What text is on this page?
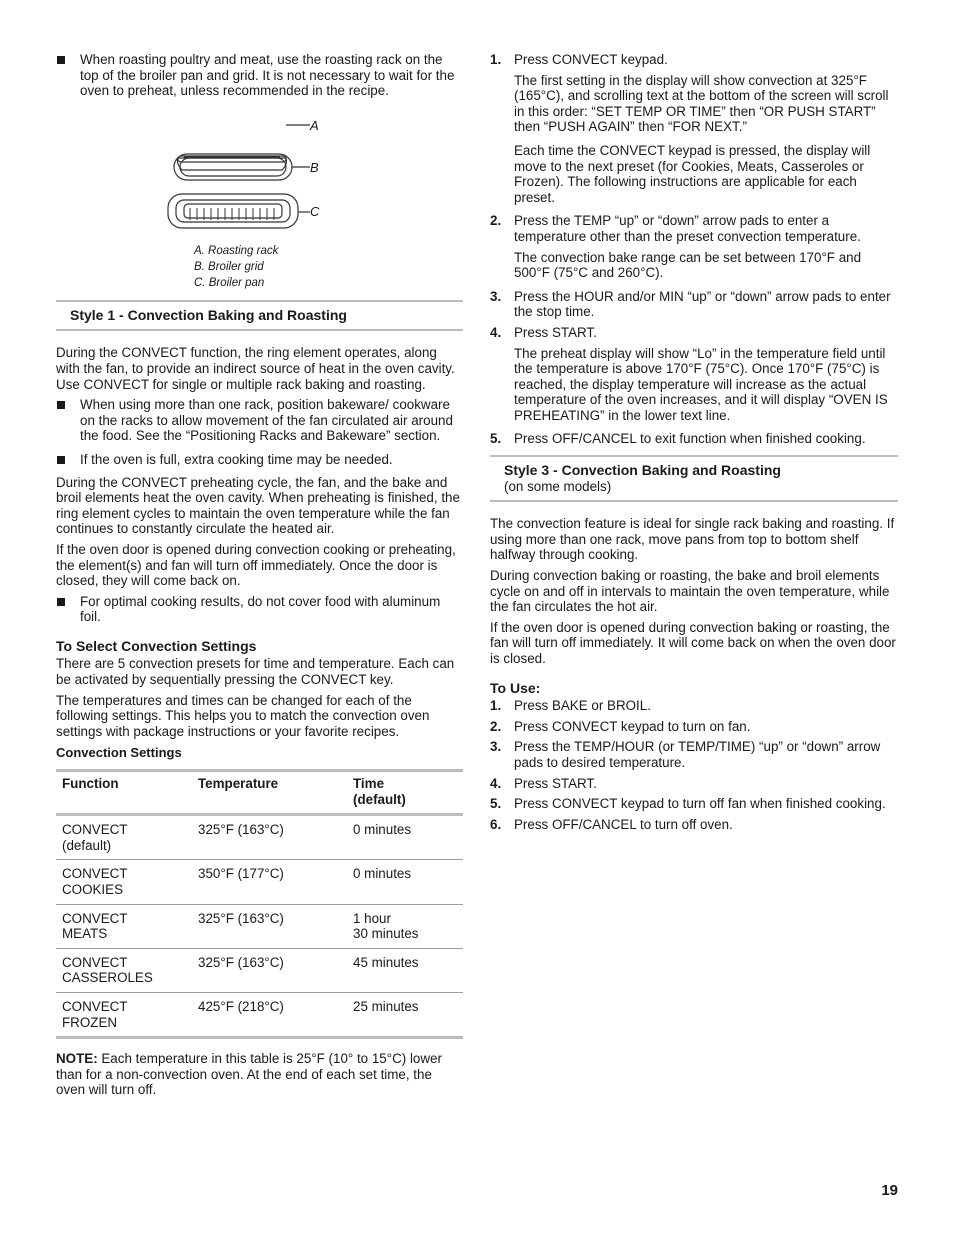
When roasting poultry and meat, use the roasting rack on the top of the broiler pan and grid. It is not necessary to wait for the oven to preheat, unless recommended in the recipe.
A
B
C
A. Roasting rack
B. Broiler grid
C. Broiler pan
Style 1 - Convection Baking and Roasting

During the CONVECT function, the ring element operates, along with the fan, to provide an indirect source of heat in the oven cavity. Use CONVECT for single or multiple rack baking and roasting.

When using more than one rack, position bakeware/ cookware on the racks to allow movement of the fan circulated air around the food. See the “Positioning Racks and Bakeware” section.
If the oven is full, extra cooking time may be needed.

During the CONVECT preheating cycle, the fan, and the bake and broil elements heat the oven cavity. When preheating is finished, the ring element cycles to maintain the oven temperature while the fan continues to constantly circulate the heated air.

If the oven door is opened during convection cooking or preheating, the element(s) and fan will turn off immediately. Once the door is closed, they will come back on.

For optimal cooking results, do not cover food with aluminum foil.
To Select Convection Settings

There are 5 convection presets for time and temperature. Each can be activated by sequentially pressing the CONVECT key.

The temperatures and times can be changed for each of the following settings. This helps you to match the convection oven settings with package instructions or your favorite recipes.

Convection Settings
Function	Temperature	Time
(default)

CONVECT
(default)	325°F (163°C)	0 minutes

CONVECT
COOKIES	350°F (177°C)	0 minutes

CONVECT
MEATS	325°F (163°C)	1 hour
30 minutes

CONVECT
CASSEROLES	325°F (163°C)	45 minutes

CONVECT
FROZEN	425°F (218°C)	25 minutes

NOTE: Each temperature in this table is 25°F (10° to 15°C) lower than for a non-convection oven. At the end of each set time, the oven will turn off.

1. Press CONVECT keypad.

The first setting in the display will show convection at 325°F (165°C), and scrolling text at the bottom of the screen will scroll in this order: “SET TEMP OR TIME” then “OR PUSH START” then “PUSH AGAIN” then “FOR NEXT.”

Each time the CONVECT keypad is pressed, the display will move to the next preset (for Cookies, Meats, Casseroles or Frozen). The following instructions are applicable for each preset.

2. Press the TEMP “up” or “down” arrow pads to enter a temperature other than the preset convection temperature.

The convection bake range can be set between 170°F and 500°F (75°C and 260°C).

3. Press the HOUR and/or MIN “up” or “down” arrow pads to enter the stop time.

4. Press START.

The preheat display will show “Lo” in the temperature field until the temperature is above 170°F (75°C). Once 170°F (75°C) is reached, the display temperature will increase as the actual temperature of the oven increases, and it will display “OVEN IS PREHEATING” in the lower text line.

5. Press OFF/CANCEL to exit function when finished cooking.

Style 3 - Convection Baking and Roasting
(on some models)

The convection feature is ideal for single rack baking and roasting. If using more than one rack, move pans from top to bottom shelf halfway through cooking.

During convection baking or roasting, the bake and broil elements cycle on and off in intervals to maintain the oven temperature, while the fan circulates the hot air.

If the oven door is opened during convection baking or roasting, the fan will turn off immediately. It will come back on when the oven door is closed.

To Use:
1. Press BAKE or BROIL.

2. Press CONVECT keypad to turn on fan.

3. Press the TEMP/HOUR (or TEMP/TIME) “up” or “down” arrow pads to desired temperature.

4. Press START.

5. Press CONVECT keypad to turn off fan when finished cooking.

6. Press OFF/CANCEL to turn off oven.

19
